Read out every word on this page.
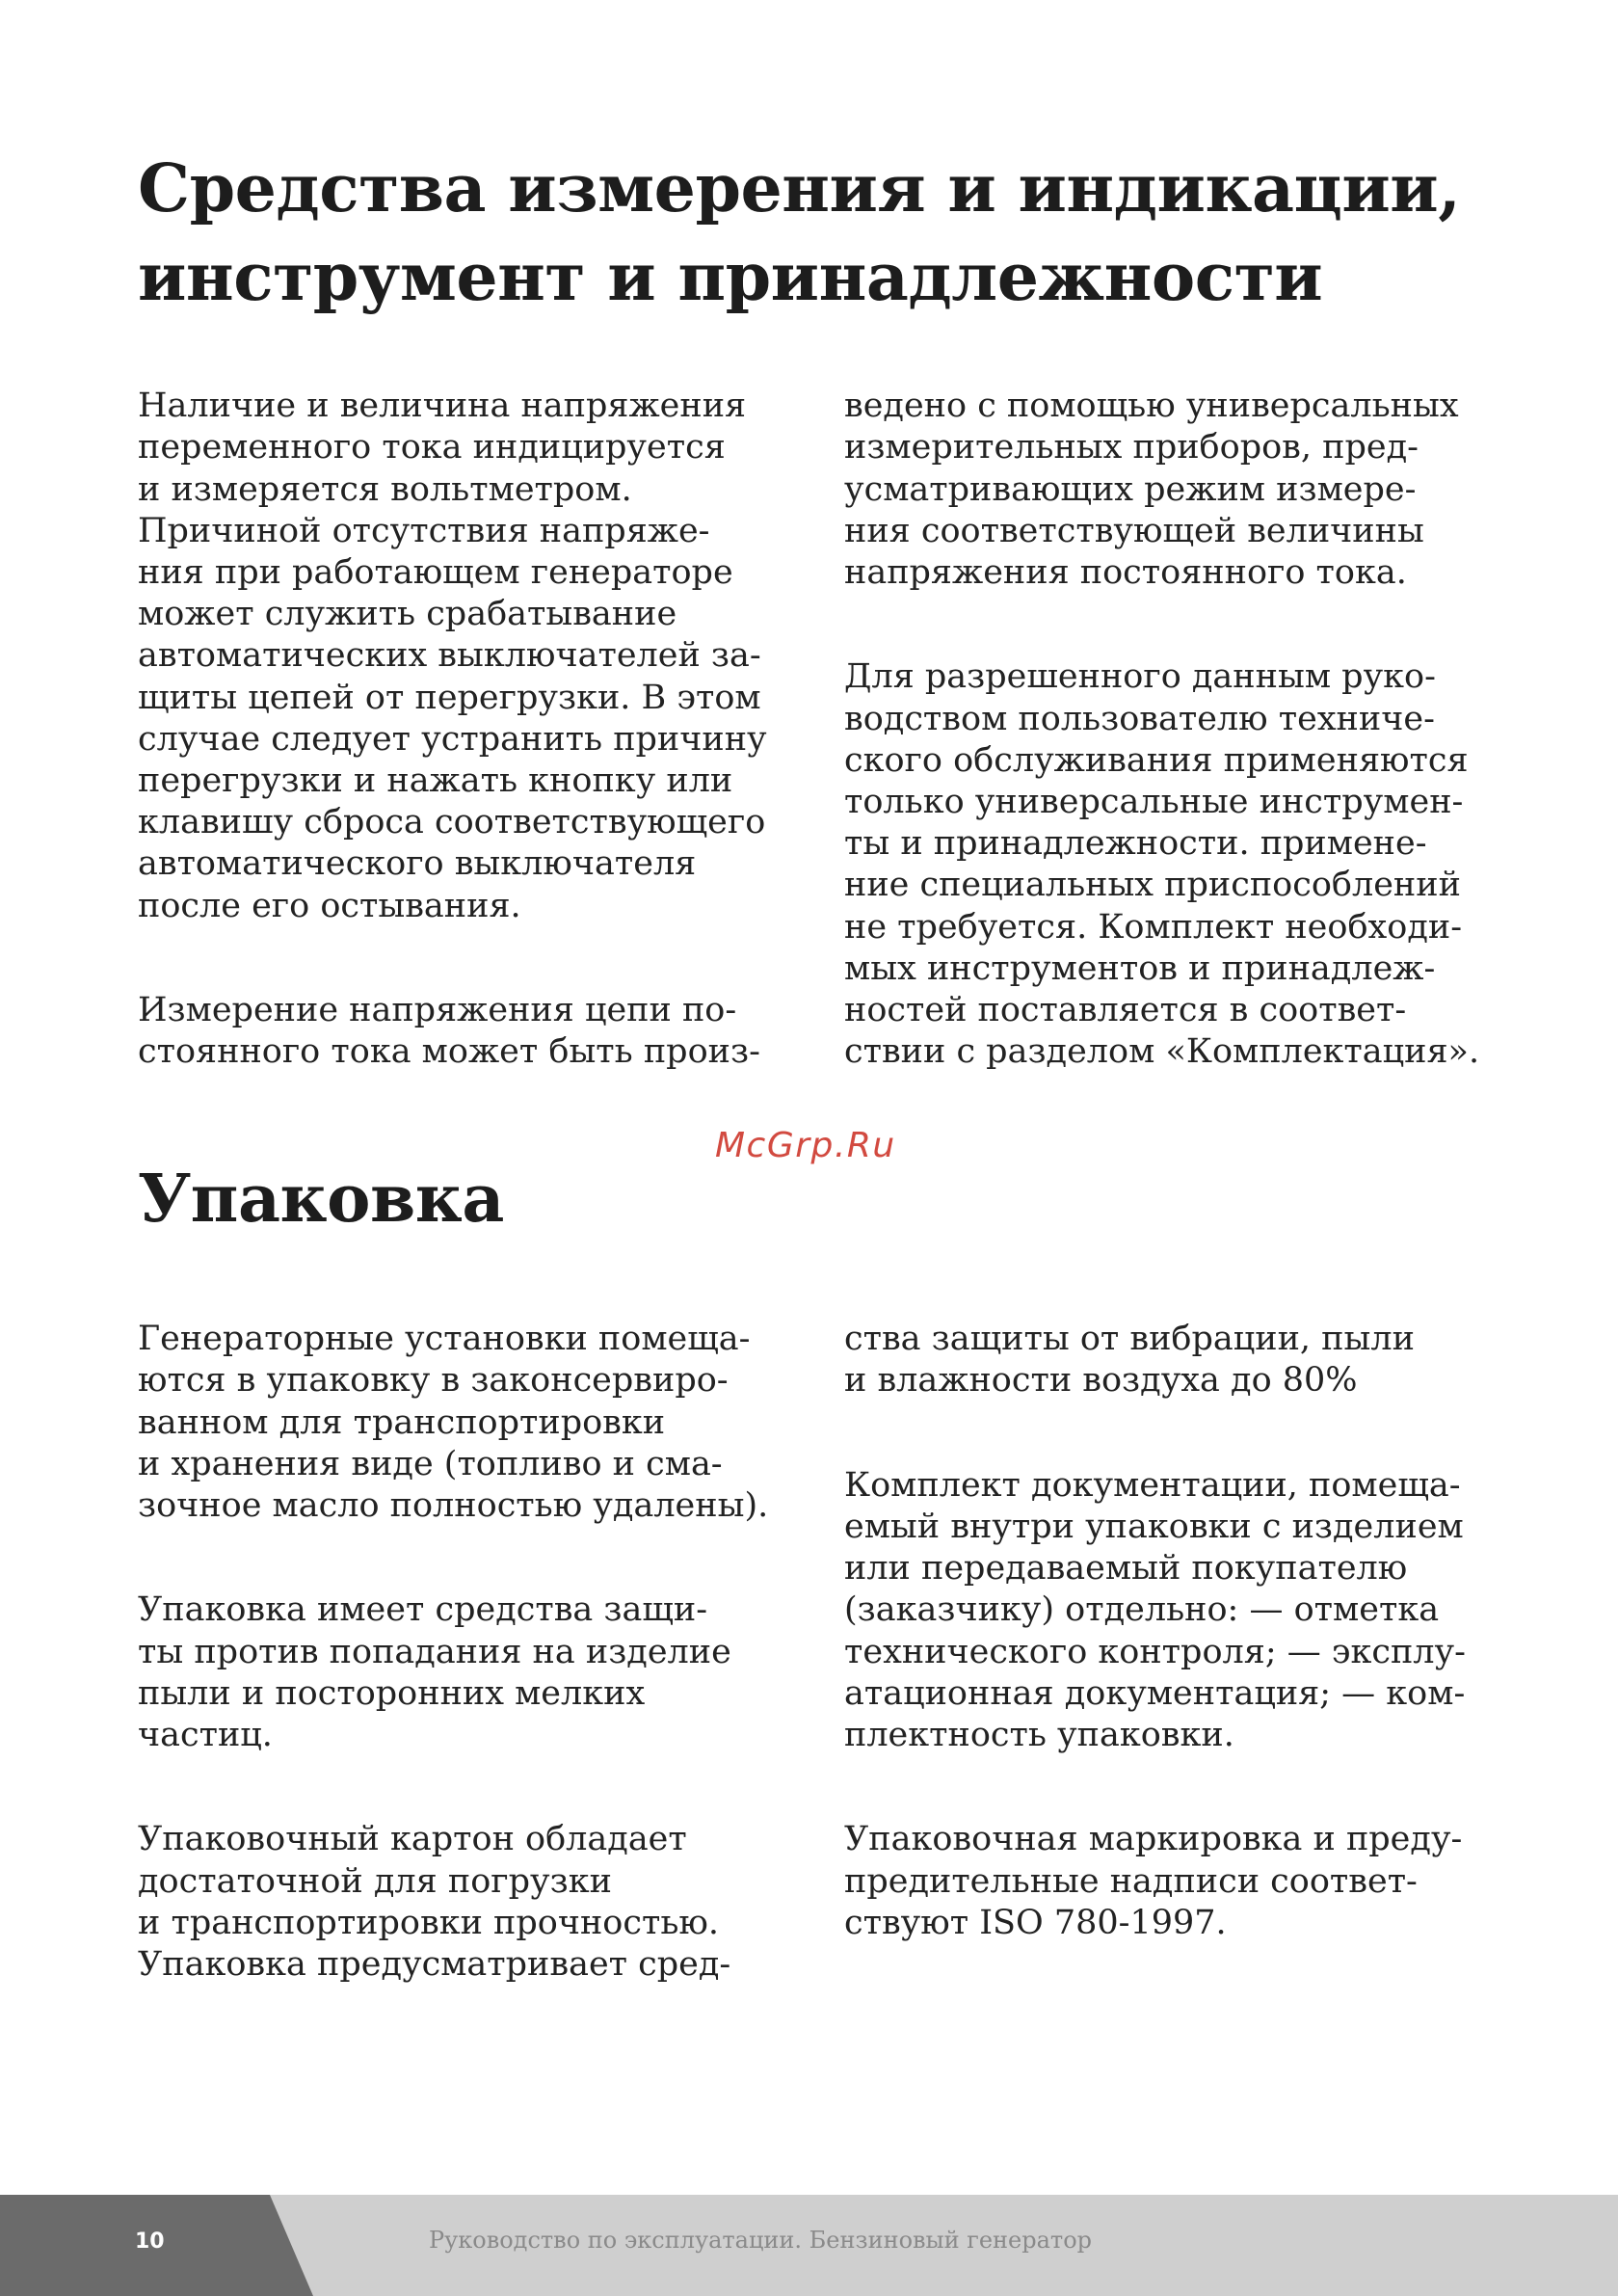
Средства измерения и индикации,
инструмент и принадлежности

Наличие и величина напряжения
переменного тока индицируется
и измеряется вольтметром.
Причиной отсутствия напряже-
ния при работающем генераторе
может служить срабатывание
автоматических выключателей за-
щиты цепей от перегрузки. В этом
случае следует устранить причину
перегрузки и нажать кнопку или
клавишу сброса соответствующего
автоматического выключателя
после его остывания.

Измерение напряжения цепи по-
стоянного тока может быть произ-

ведено с помощью универсальных
измерительных приборов, пред-
усматривающих режим измере-
ния соответствующей величины
напряжения постоянного тока.

Для разрешенного данным руко-
водством пользователю техниче-
ского обслуживания применяются
только универсальные инструмен-
ты и принадлежности. примене-
ние специальных приспособлений
не требуется. Комплект необходи-
мых инструментов и принадлеж-
ностей поставляется в соответ-
ствии с разделом «Комплектация».

McGrp.Ru
Упаковка

Генераторные установки помеща-
ются в упаковку в законсервиро-
ванном для транспортировки
и хранения виде (топливо и сма-
зочное масло полностью удалены).

Упаковка имеет средства защи-
ты против попадания на изделие
пыли и посторонних мелких
частиц.

Упаковочный картон обладает
достаточной для погрузки
и транспортировки прочностью.
Упаковка предусматривает сред-

ства защиты от вибрации, пыли
и влажности воздуха до 80%

Комплект документации, помеща-
емый внутри упаковки с изделием
или передаваемый покупателю
(заказчику) отдельно: — отметка
технического контроля; — эксплу-
атационная документация; — ком-
плектность упаковки.

Упаковочная маркировка и преду-
предительные надписи соответ-
ствуют ISO 780-1997.

10	Руководство по эксплуатации. Бензиновый генератор
